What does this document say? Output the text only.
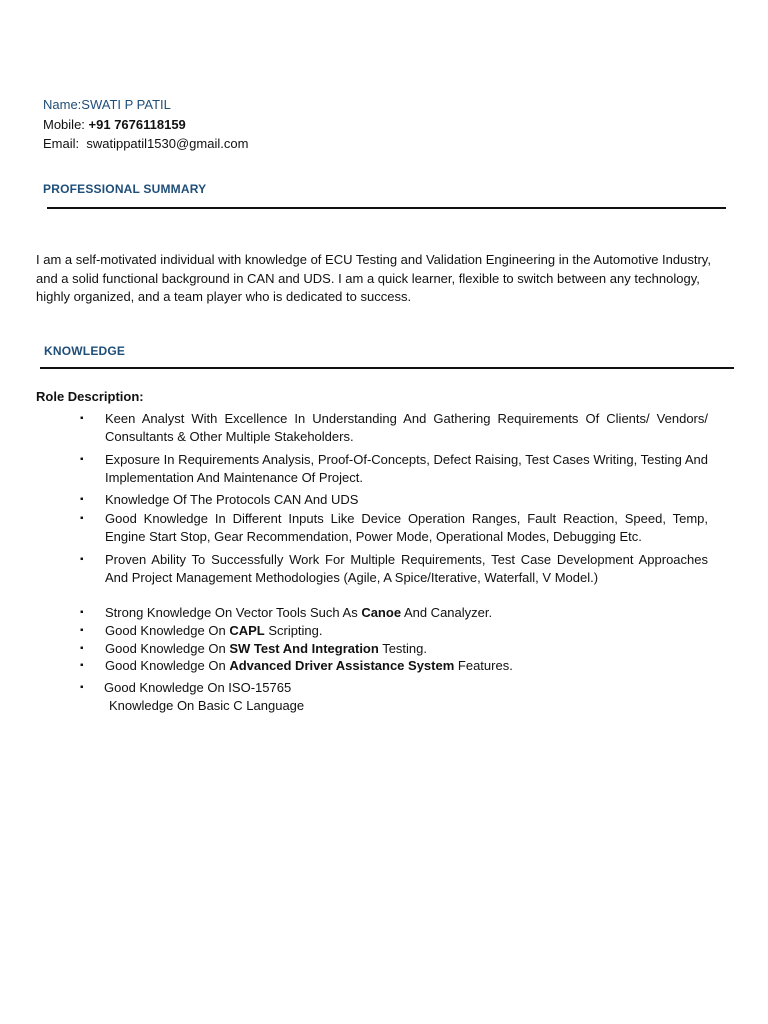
Name:SWATI P PATIL
Mobile: +91 7676118159
Email:  swatippatil1530@gmail.com
PROFESSIONAL SUMMARY
I am a self-motivated individual with knowledge of ECU Testing and Validation Engineering in the Automotive Industry, and a solid functional background in CAN and UDS. I am a quick learner, flexible to switch between any technology, highly organized, and a team player who is dedicated to success.
KNOWLEDGE
Role Description:
▪ Keen Analyst With Excellence In Understanding And Gathering Requirements Of Clients/ Vendors/ Consultants & Other Multiple Stakeholders.
▪ Exposure In Requirements Analysis, Proof-Of-Concepts, Defect Raising, Test Cases Writing, Testing And Implementation And Maintenance Of Project.
▪ Knowledge Of The Protocols CAN And UDS
▪ Good Knowledge In Different Inputs Like Device Operation Ranges, Fault Reaction, Speed, Temp, Engine Start Stop, Gear Recommendation, Power Mode, Operational Modes, Debugging Etc.
▪ Proven Ability To Successfully Work For Multiple Requirements, Test Case Development Approaches And Project Management Methodologies (Agile, A Spice/Iterative, Waterfall, V Model.)
▪ Strong Knowledge On Vector Tools Such As Canoe And Canalyzer.
▪ Good Knowledge On CAPL Scripting.
▪ Good Knowledge On SW Test And Integration Testing.
▪ Good Knowledge On Advanced Driver Assistance System Features.
▪ Good Knowledge On ISO-15765
Knowledge On Basic C Language
